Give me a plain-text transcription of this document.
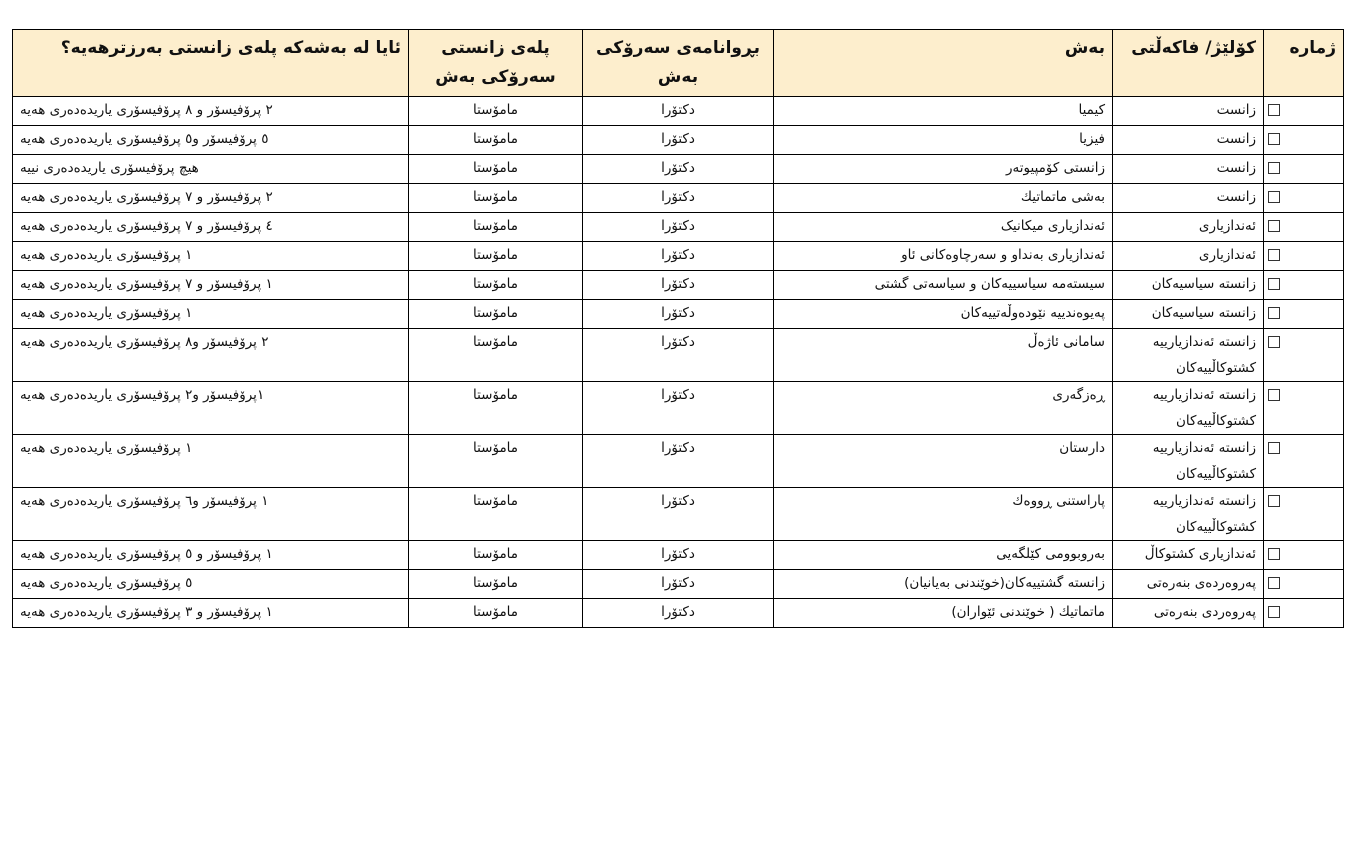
ژماره	کۆلێژ/ فاکەڵتی	بەش	بڕوانامەی سەرۆکی بەش	پلەی زانستی سەرۆکی بەش	ئایا لە بەشەکە پلەی زانستی بەرزترهەیە؟
	زانست	کیمیا	دکتۆرا	مامۆستا	٢ پرۆفیسۆر و ٨ پرۆفیسۆری یاریدەدەری هەیە
	زانست	فیزیا	دکتۆرا	مامۆستا	٥ پرۆفیسۆر و٥ پرۆفیسۆری یاریدەدەری هەیە
	زانست	زانستی کۆمپیوتەر	دکتۆرا	مامۆستا	هیچ پرۆفیسۆری یاریدەدەری نییە
	زانست	بەشی ماتماتیك	دکتۆرا	مامۆستا	٢ پرۆفیسۆر و ٧ پرۆفیسۆری یاریدەدەری هەیە
	ئەندازیاری	ئەندازیاری میکانیک	دکتۆرا	مامۆستا	٤ پرۆفیسۆر و ٧ پرۆفیسۆری یاریدەدەری هەیە
	ئەندازیاری	ئەندازیاری بەنداو و سەرچاوەکانی ئاو	دکتۆرا	مامۆستا	١ پرۆفیسۆری یاریدەدەری هەیە
	زانستە سیاسیەکان	سیستەمە سیاسییەکان و سیاسەتی گشتی	دکتۆرا	مامۆستا	١ پرۆفیسۆر و ٧ پرۆفیسۆری یاریدەدەری هەیە
	زانستە سیاسیەکان	پەیوەندییە نێودەوڵەتییەکان	دکتۆرا	مامۆستا	١ پرۆفیسۆری یاریدەدەری هەیە
	زانستە ئەندازیارییە کشتوکاڵییەکان	سامانی ئاژەڵ	دکتۆرا	مامۆستا	٢ پرۆفیسۆر و٨ پرۆفیسۆری یاریدەدەری هەیە
	زانستە ئەندازیارییە کشتوکاڵییەکان	ڕەزگەری	دکتۆرا	مامۆستا	١پرۆفیسۆر و٢ پرۆفیسۆری یاریدەدەری هەیە
	زانستە ئەندازیارییە کشتوکاڵییەکان	دارستان	دکتۆرا	مامۆستا	١ پرۆفیسۆری یاریدەدەری هەیە
	زانستە ئەندازیارییە کشتوکاڵییەکان	پاراستنی ڕووەك	دکتۆرا	مامۆستا	١ پرۆفیسۆر و٦ پرۆفیسۆری یاریدەدەری هەیە
	ئەندازیاری کشتوکاڵ	بەروبوومی کێلگەیی	دکتۆرا	مامۆستا	١ پرۆفیسۆر و ٥ پرۆفیسۆری یاریدەدەری هەیە
	پەروەردەی بنەرەتی	زانستە گشتییەکان(خوێندنی بەیانیان)	دکتۆرا	مامۆستا	٥ پرۆفیسۆری یاریدەدەری هەیە
	پەروەردی بنەرەتی	ماتماتیك ( خوێندنی ئێواران)	دکتۆرا	مامۆستا	١ پرۆفیسۆر و ٣ پرۆفیسۆری یاریدەدەری هەیە
